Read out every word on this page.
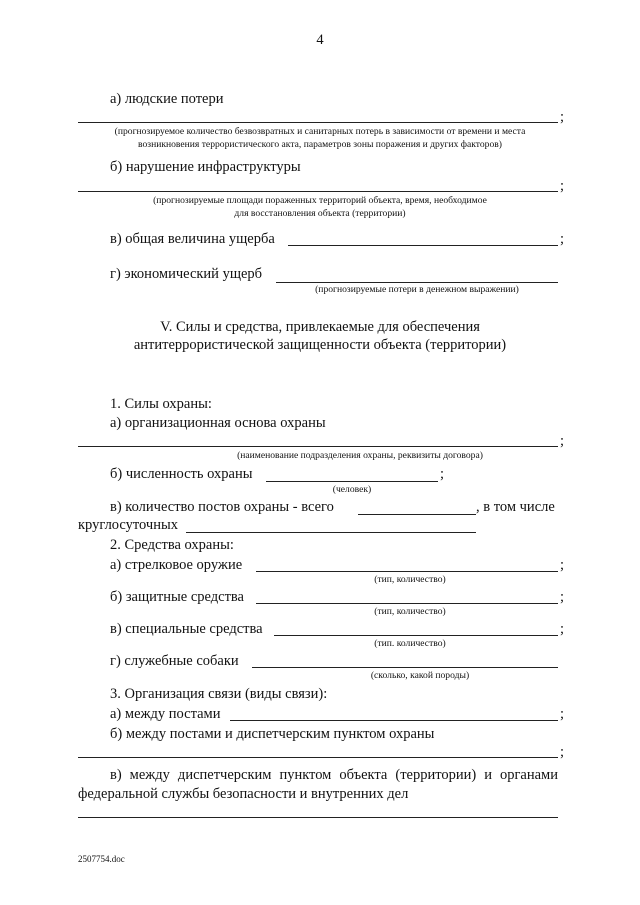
4
а) людские потери
;
(прогнозируемое количество безвозвратных и санитарных потерь в зависимости от времени и места
возникновения террористического акта, параметров зоны поражения и других факторов)
б) нарушение инфраструктуры
;
(прогнозируемые площади пораженных территорий объекта, время, необходимое
для восстановления объекта (территории)
в) общая величина ущерба	;
г) экономический ущерб
(прогнозируемые потери в денежном выражении)
V. Силы и средства, привлекаемые для обеспечения
антитеррористической защищенности объекта (территории)
1. Силы охраны:
а) организационная основа охраны
;
(наименование подразделения охраны, реквизиты договора)
б) численность охраны	;
(человек)
в) количество постов охраны - всего	, в том числе
круглосуточных
2. Средства охраны:
а) стрелковое оружие	;
(тип, количество)
б) защитные средства	;
(тип, количество)
в) специальные средства	;
(тип. количество)
г) служебные собаки
(сколько, какой породы)
3. Организация связи (виды связи):
а) между постами	;
б) между постами и диспетчерским пунктом охраны
;
в) между диспетчерским пунктом объекта (территории) и органами
федеральной службы безопасности и внутренних дел
2507754.doc
